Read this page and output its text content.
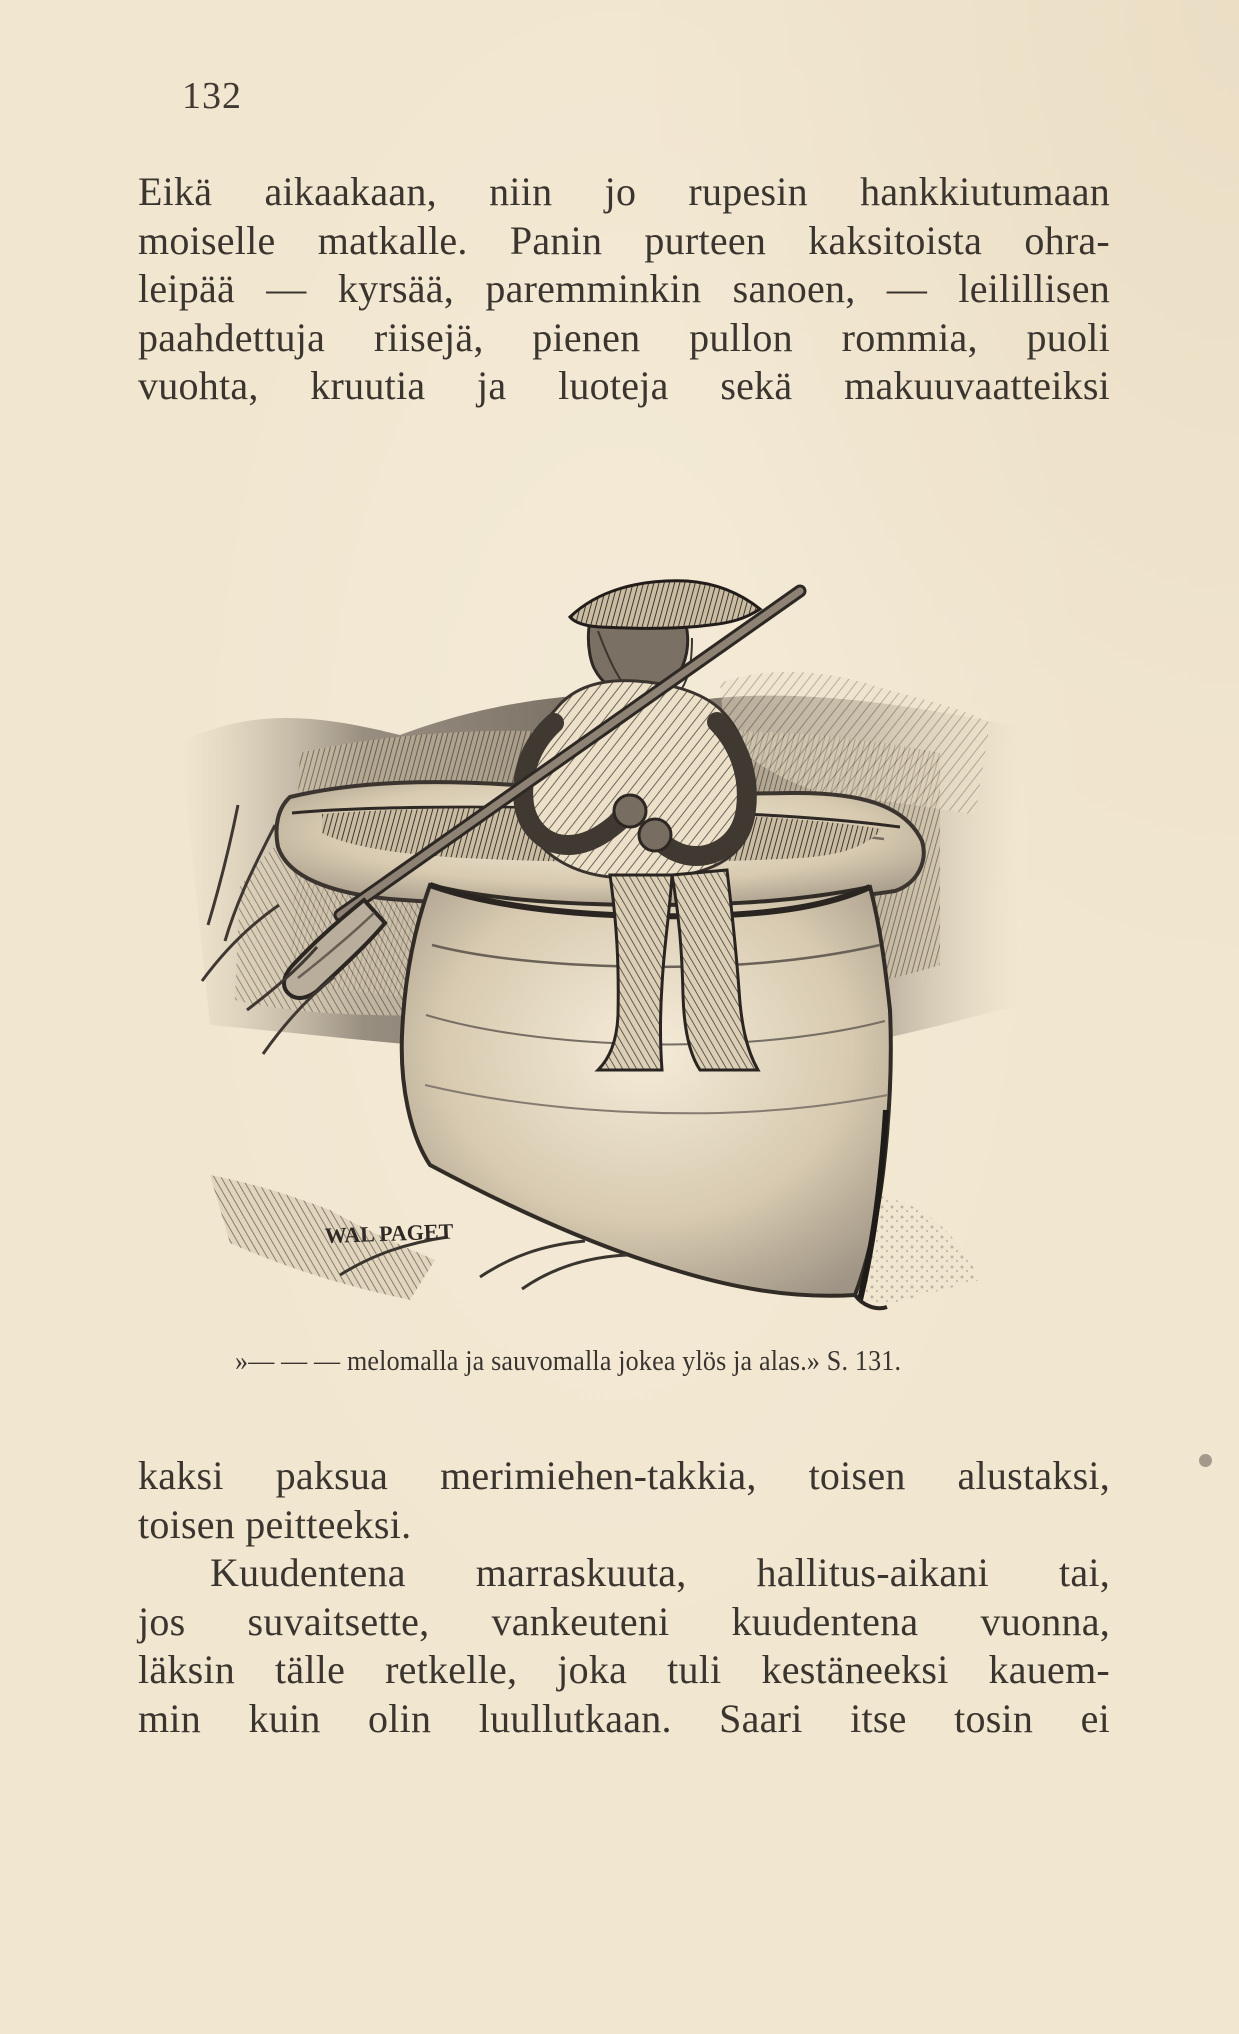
132
Eikä aikaakaan, niin jo rupesin hankkiutumaan
moiselle matkalle. Panin purteen kaksitoista ohra-
leipää — kyrsää, paremminkin sanoen, — leilillisen
paahdettuja riisejä, pienen pullon rommia, puoli
vuohta, kruutia ja luoteja sekä makuuvaatteiksi
WAL PAGET
»— — — melomalla ja sauvomalla jokea ylös ja alas.» S. 131.
kaksi paksua merimiehen-takkia, toisen alustaksi,
toisen peitteeksi.
Kuudentena marraskuuta, hallitus-aikani tai,
jos suvaitsette, vankeuteni kuudentena vuonna,
läksin tälle retkelle, joka tuli kestäneeksi kauem-
min kuin olin luullutkaan. Saari itse tosin ei
